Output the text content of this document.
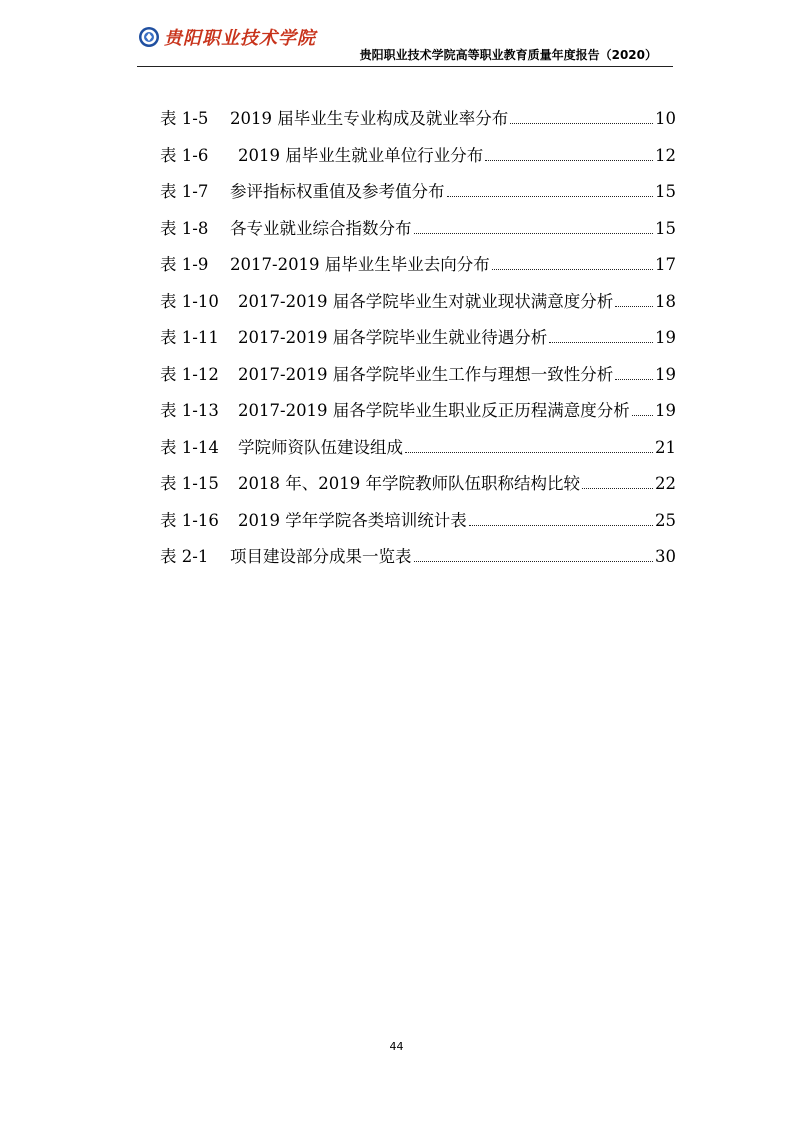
贵阳职业技术学院
贵阳职业技术学院高等职业教育质量年度报告（2020）
表 1-5	2019 届毕业生专业构成及就业率分布	10
表 1-6	2019 届毕业生就业单位行业分布	12
表 1-7	参评指标权重值及参考值分布	15
表 1-8	各专业就业综合指数分布	15
表 1-9	2017-2019 届毕业生毕业去向分布	17
表 1-10	2017-2019 届各学院毕业生对就业现状满意度分析	18
表 1-11	2017-2019 届各学院毕业生就业待遇分析	19
表 1-12	2017-2019 届各学院毕业生工作与理想一致性分析	19
表 1-13	2017-2019 届各学院毕业生职业反正历程满意度分析 19
表 1-14	学院师资队伍建设组成	21
表 1-15	2018 年、2019 年学院教师队伍职称结构比较	22
表 1-16	2019 学年学院各类培训统计表	25
表 2-1	项目建设部分成果一览表	30
44
